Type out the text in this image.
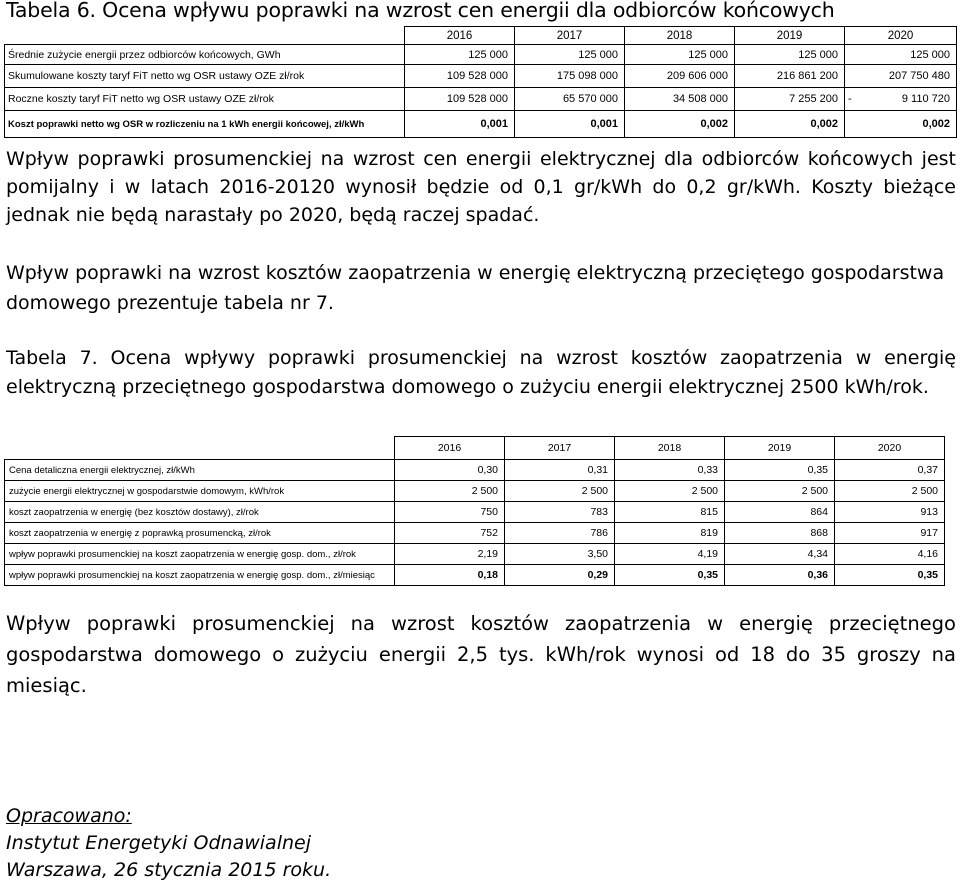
Tabela 6. Ocena wpływu poprawki na wzrost cen energii dla odbiorców końcowych
	2016	2017	2018	2019	2020
Średnie zużycie energii przez odbiorców końcowych, GWh	125 000	125 000	125 000	125 000	125 000
Skumulowane koszty taryf FiT netto wg OSR ustawy OZE zł/rok	109 528 000	175 098 000	209 606 000	216 861 200	207 750 480
Roczne koszty taryf FiT netto wg OSR ustawy OZE zł/rok	109 528 000	65 570 000	34 508 000	7 255 200	- 9 110 720

Koszt poprawki netto wg OSR w rozliczeniu na 1 kWh energii końcowej, zł/kWh	0,001	0,001	0,002	0,002	0,002

Wpływ poprawki prosumenckiej na wzrost cen energii elektrycznej dla odbiorców końcowych jest pomijalny i w latach 2016-20120 wynosił będzie od 0,1 gr/kWh do 0,2 gr/kWh. Koszty bieżące jednak nie będą narastały po 2020, będą raczej spadać.

Wpływ poprawki na wzrost kosztów zaopatrzenia w energię elektryczną przeciętego gospodarstwa domowego prezentuje tabela nr 7.

Tabela 7. Ocena wpływy poprawki prosumenckiej na wzrost kosztów zaopatrzenia w energię elektryczną przeciętnego gospodarstwa domowego o zużyciu energii elektrycznej 2500 kWh/rok.

	2016	2017	2018	2019	2020
Cena detaliczna energii elektrycznej, zł/kWh	0,30	0,31	0,33	0,35	0,37
zużycie energii elektrycznej w gospodarstwie domowym, kWh/rok	2 500	2 500	2 500	2 500	2 500
koszt zaopatrzenia w energię (bez kosztów dostawy), zł/rok	750	783	815	864	913
koszt zaopatrzenia w energię z poprawką prosumencką, zł/rok	752	786	819	868	917
wpływ poprawki prosumenckiej na koszt zaopatrzenia w energię gosp. dom., zł/rok	2,19	3,50	4,19	4,34	4,16
wpływ poprawki prosumenckiej na koszt zaopatrzenia w energię gosp. dom., zł/miesiąc	0,18	0,29	0,35	0,36	0,35

Wpływ poprawki prosumenckiej na wzrost kosztów zaopatrzenia w energię przeciętnego gospodarstwa domowego o zużyciu energii 2,5 tys. kWh/rok wynosi od 18 do 35 groszy na miesiąc.

Opracowano:
Instytut Energetyki Odnawialnej
Warszawa, 26 stycznia 2015 roku.
